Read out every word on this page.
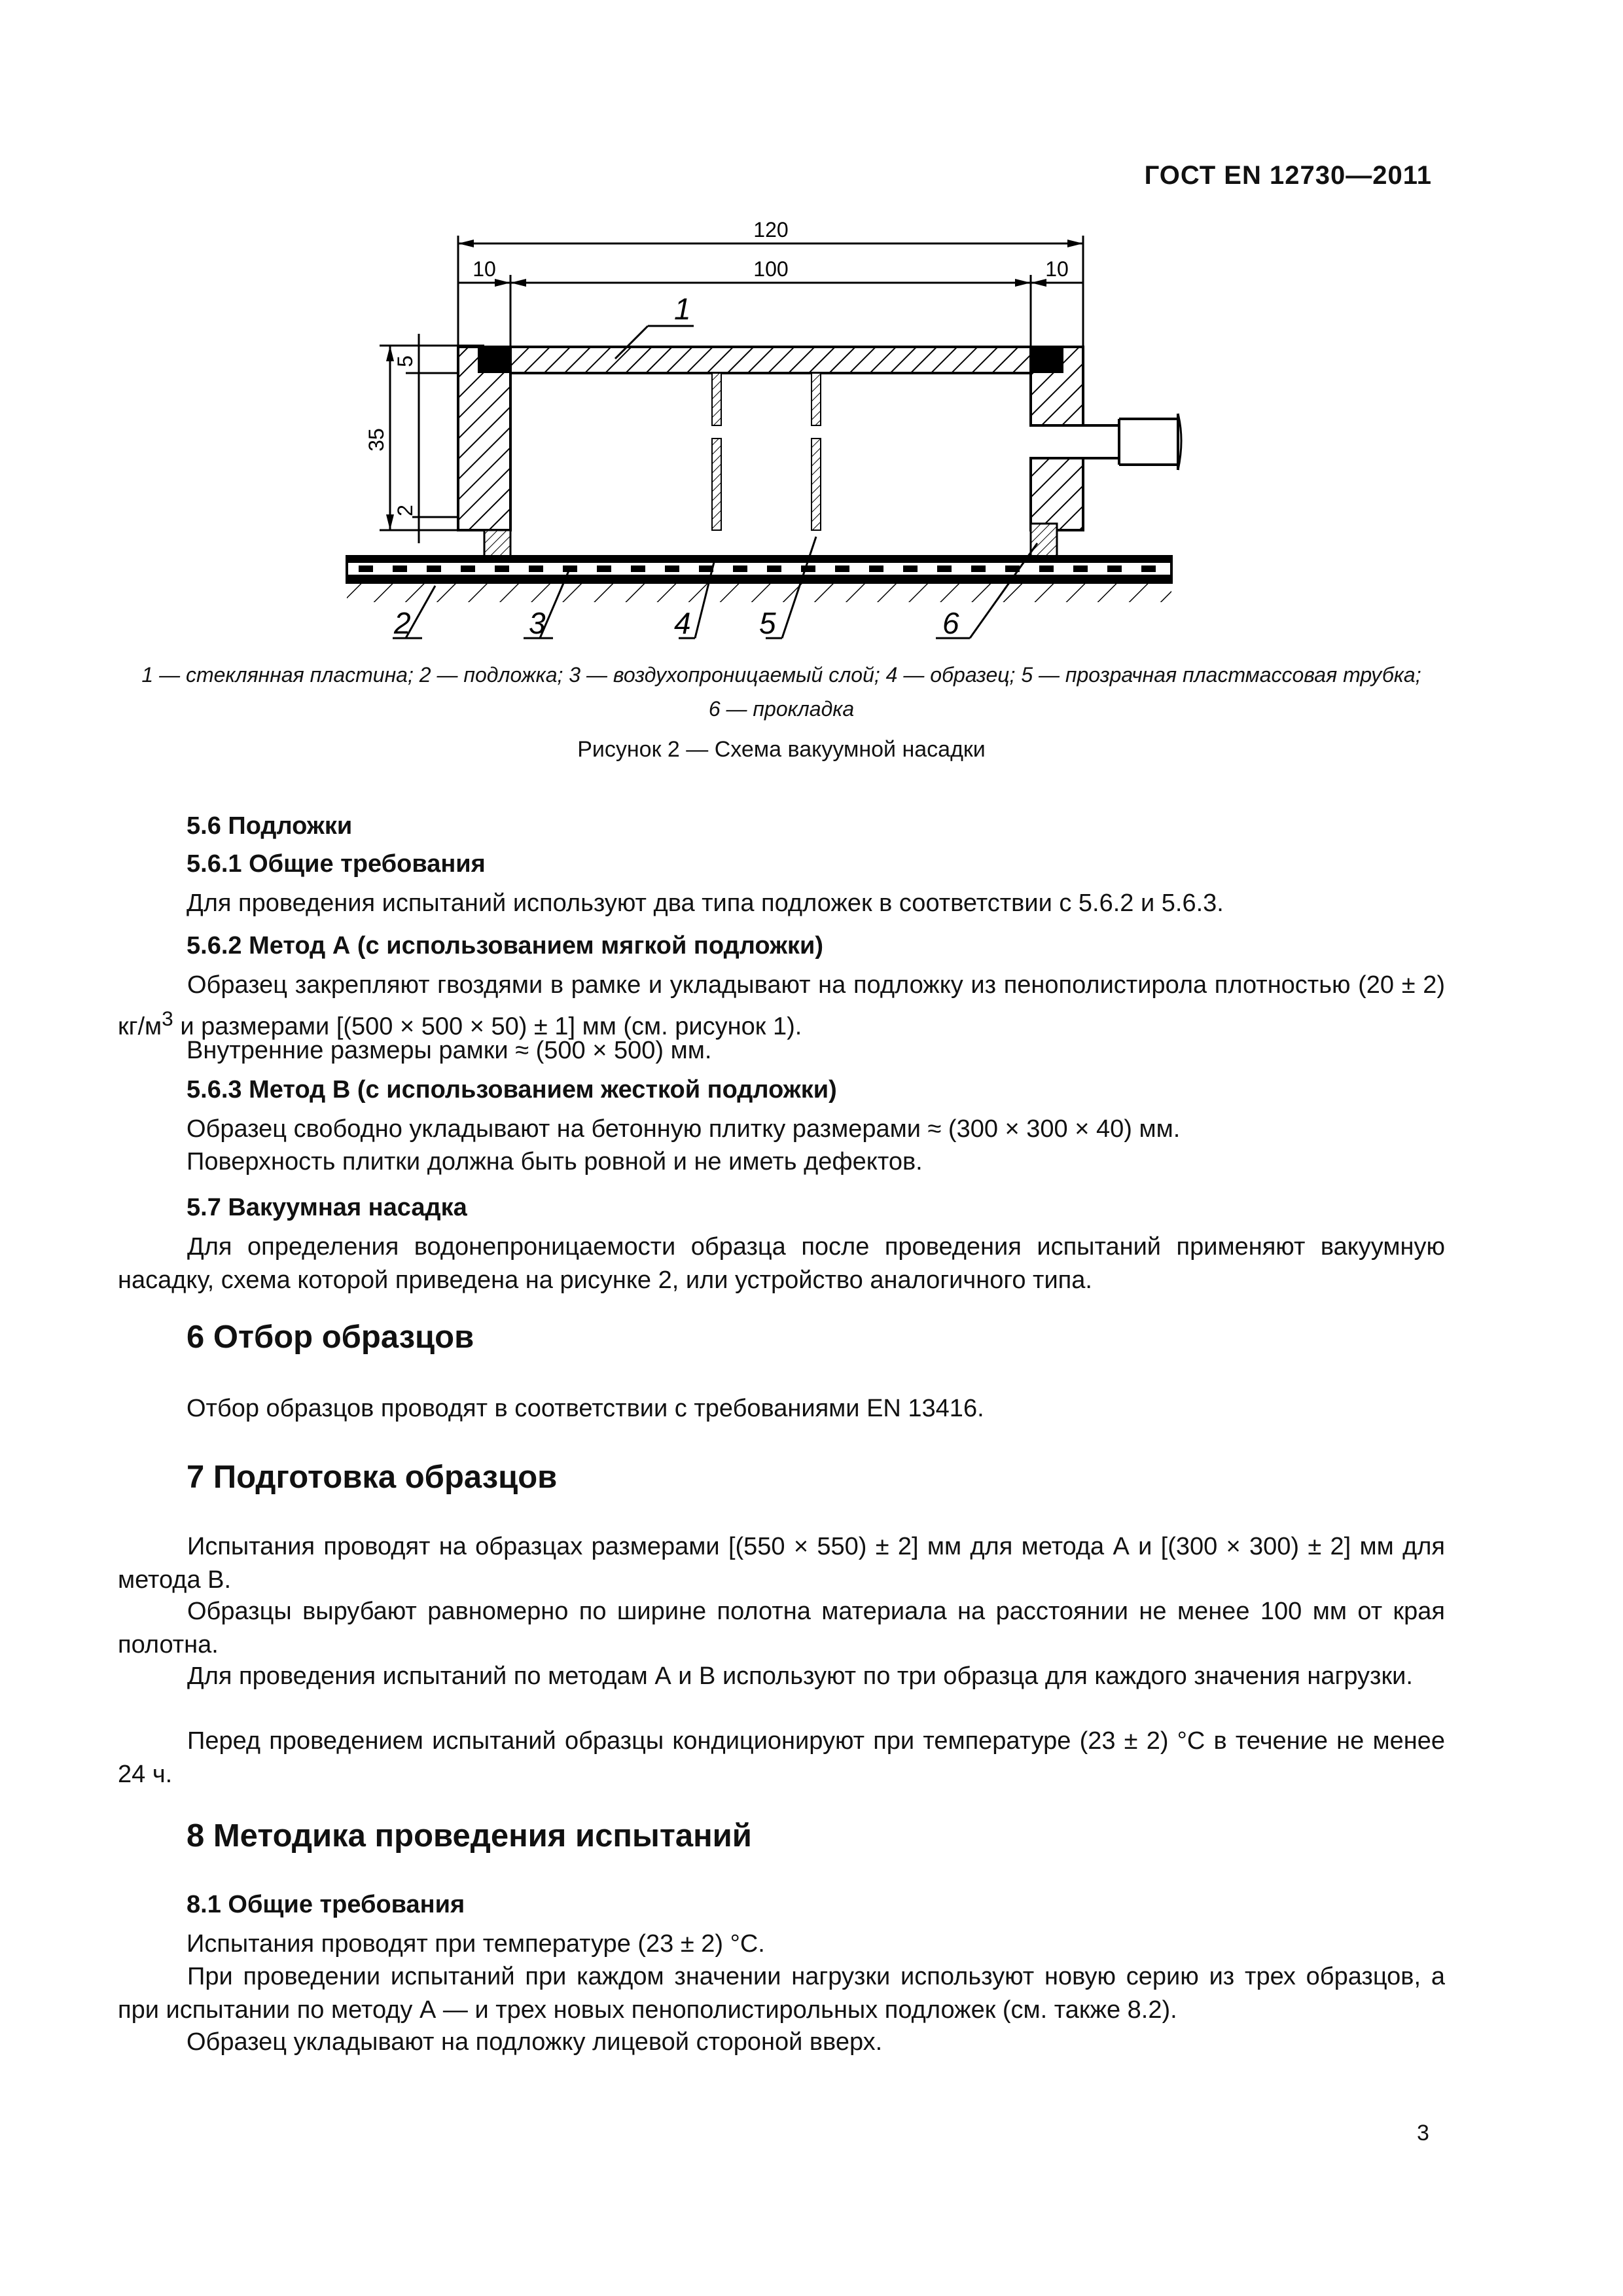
ГОСТ EN 12730—2011
120
10	100	10
35
5
2
1
2	3	4 5	6
1 — стеклянная пластина; 2 — подложка; 3 — воздухопроницаемый слой; 4 — образец; 5 — прозрачная пластмассовая трубка;
6 — прокладка
Рисунок 2 — Схема вакуумной насадки
5.6 Подложки
5.6.1 Общие требования
Для проведения испытаний используют два типа подложек в соответствии с 5.6.2 и 5.6.3.
5.6.2 Метод А (с использованием мягкой подложки)
Образец закрепляют гвоздями в рамке и укладывают на подложку из пенополистирола плотностью (20 ± 2) $кг/м^3$ и размерами [(500 × 500 × 50) ± 1] мм (см. рисунок 1).
Внутренние размеры рамки ≈ (500 × 500) мм.
5.6.3 Метод В (с использованием жесткой подложки)
Образец свободно укладывают на бетонную плитку размерами ≈ (300 × 300 × 40) мм.
Поверхность плитки должна быть ровной и не иметь дефектов.
5.7 Вакуумная насадка
Для определения водонепроницаемости образца после проведения испытаний применяют вакуумную насадку, схема которой приведена на рисунке 2, или устройство аналогичного типа.
6 Отбор образцов
Отбор образцов проводят в соответствии с требованиями EN 13416.
7 Подготовка образцов
Испытания проводят на образцах размерами [(550 × 550) ± 2] мм для метода А и [(300 × 300) ± 2] мм для метода В.
Образцы вырубают равномерно по ширине полотна материала на расстоянии не менее 100 мм от края полотна.
Для проведения испытаний по методам А и В используют по три образца для каждого значения нагрузки.
Перед проведением испытаний образцы кондиционируют при температуре (23 ± 2) °С в течение не менее 24 ч.
8 Методика проведения испытаний
8.1 Общие требования
Испытания проводят при температуре (23 ± 2) °С.
При проведении испытаний при каждом значении нагрузки используют новую серию из трех образцов, а при испытании по методу А — и трех новых пенополистирольных подложек (см. также 8.2).
Образец укладывают на подложку лицевой стороной вверх.
3
